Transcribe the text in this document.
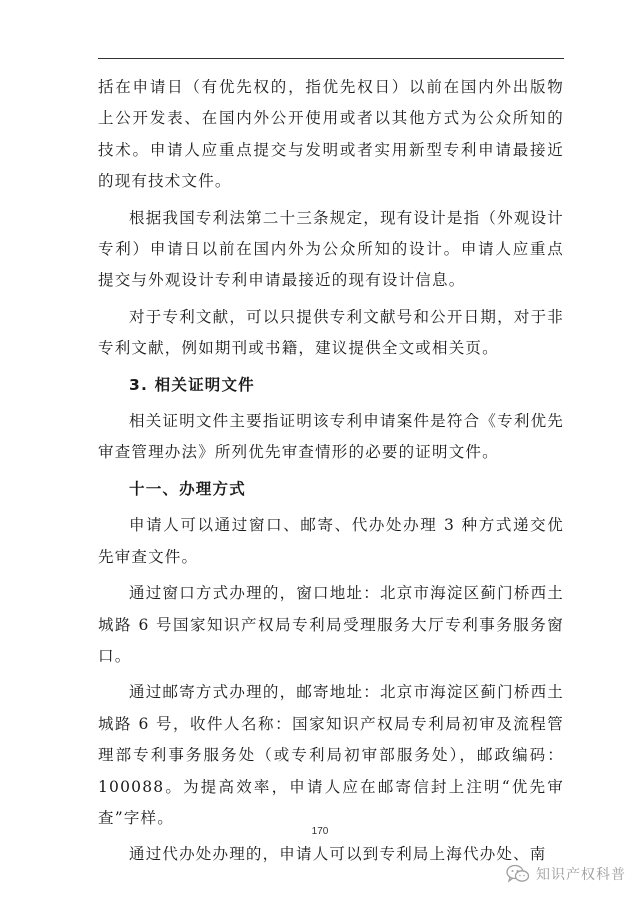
括在申请日（有优先权的，指优先权日）以前在国内外出版物上公开发表、在国内外公开使用或者以其他方式为公众所知的技术。申请人应重点提交与发明或者实用新型专利申请最接近的现有技术文件。

根据我国专利法第二十三条规定，现有设计是指（外观设计专利）申请日以前在国内外为公众所知的设计。申请人应重点提交与外观设计专利申请最接近的现有设计信息。

对于专利文献，可以只提供专利文献号和公开日期，对于非专利文献，例如期刊或书籍，建议提供全文或相关页。

3. 相关证明文件

相关证明文件主要指证明该专利申请案件是符合《专利优先审查管理办法》所列优先审查情形的必要的证明文件。

十一、办理方式

申请人可以通过窗口、邮寄、代办处办理 3 种方式递交优先审查文件。

通过窗口方式办理的，窗口地址：北京市海淀区蓟门桥西土城路 6 号国家知识产权局专利局受理服务大厅专利事务服务窗口。

通过邮寄方式办理的，邮寄地址：北京市海淀区蓟门桥西土城路 6 号，收件人名称：国家知识产权局专利局初审及流程管理部专利事务服务处（或专利局初审部服务处），邮政编码：100088。为提高效率，申请人应在邮寄信封上注明“优先审查”字样。

通过代办处办理的，申请人可以到专利局上海代办处、南

170
知识产权科普
